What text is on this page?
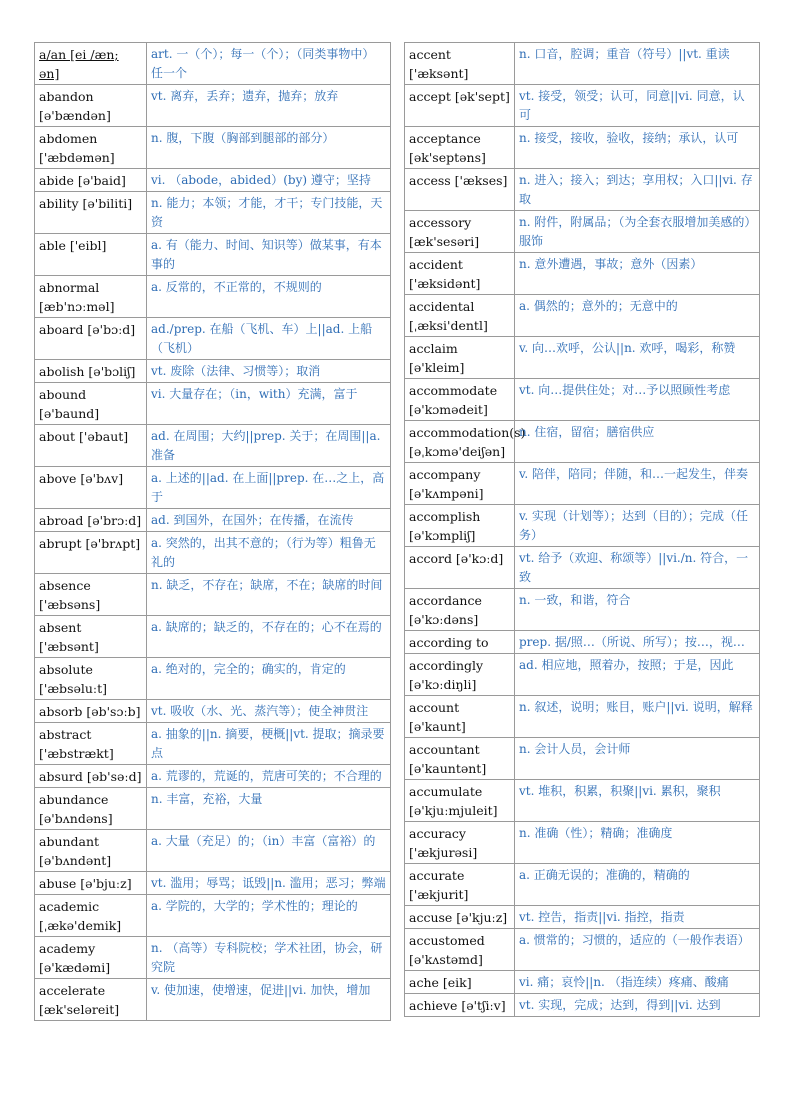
a/an [ei /æn; ən]	art. 一（个）；每一（个）；（同类事物中）任一个
abandon [ə'bændən]	vt. 离弃，丢弃；遗弃，抛弃；放弃
abdomen ['æbdəmən]	n. 腹，下腹（胸部到腿部的部分）
abide [ə'baid]	vi. （abode，abided）(by) 遵守；坚持
ability [ə'biliti]	n. 能力；本领；才能，才干；专门技能，天资
able ['eibl]	a. 有（能力、时间、知识等）做某事，有本事的
abnormal [æb'nɔːməl]	a. 反常的，不正常的，不规则的
aboard [ə'bɔːd]	ad./prep. 在船（飞机、车）上||ad. 上船（飞机）
abolish [ə'bɔliʃ]	vt. 废除（法律、习惯等）；取消
abound [ə'baund]	vi. 大量存在；（in，with）充满，富于
about ['əbaut]	ad. 在周围；大约||prep. 关于；在周围||a. 准备
above [ə'bʌv]	a. 上述的||ad. 在上面||prep. 在…之上，高于
abroad [ə'brɔːd]	ad. 到国外，在国外；在传播，在流传
abrupt [ə'brʌpt]	a. 突然的，出其不意的；（行为等）粗鲁无礼的
absence ['æbsəns]	n. 缺乏，不存在；缺席，不在；缺席的时间
absent ['æbsənt]	a. 缺席的；缺乏的，不存在的；心不在焉的
absolute ['æbsəluːt]	a. 绝对的，完全的；确实的，肯定的
absorb [əb'sɔːb]	vt. 吸收（水、光、蒸汽等）；使全神贯注
abstract ['æbstrækt]	a. 抽象的||n. 摘要，梗概||vt. 提取；摘录要点
absurd [əb'səːd]	a. 荒谬的，荒诞的，荒唐可笑的；不合理的
abundance [ə'bʌndəns]	n. 丰富，充裕，大量
abundant [ə'bʌndənt]	a. 大量（充足）的；（in）丰富（富裕）的
abuse [ə'bjuːz]	vt. 滥用；辱骂；诋毁||n. 滥用；恶习；弊端
academic [ˌækə'demik]	a. 学院的，大学的；学术性的；理论的
academy [ə'kædəmi]	n. （高等）专科院校；学术社团，协会，研究院
accelerate [æk'seləreit]	v. 使加速，使增速，促进||vi. 加快，增加
accent ['æksənt]	n. 口音，腔调；重音（符号）||vt. 重读
accept [ək'sept]	vt. 接受，领受；认可，同意||vi. 同意，认可
acceptance [ək'septəns]	n. 接受，接收，验收，接纳；承认，认可
access ['ækses]	n. 进入；接入；到达；享用权；入口||vi. 存取
accessory [æk'sesəri]	n. 附件，附属品；（为全套衣服增加美感的）服饰
accident ['æksidənt]	n. 意外遭遇，事故；意外（因素）
accidental [ˌæksi'dentl]	a. 偶然的；意外的；无意中的
acclaim [ə'kleim]	v. 向…欢呼，公认||n. 欢呼，喝彩，称赞
accommodate [ə'kɔmədeit]	vt. 向…提供住处；对…予以照顾性考虑
accommodation(s) [əˌkɔmə'deiʃən]	n. 住宿，留宿；膳宿供应
accompany [ə'kʌmpəni]	v. 陪伴，陪同；伴随，和…一起发生，伴奏
accomplish [ə'kɔmpliʃ]	v. 实现（计划等）；达到（目的）；完成（任务）
accord [ə'kɔːd]	vt. 给予（欢迎、称颂等）||vi./n. 符合，一致
accordance [ə'kɔːdəns]	n. 一致，和谐，符合
according to	prep. 据/照…（所说、所写）；按…，视…
accordingly [ə'kɔːdiŋli]	ad. 相应地，照着办，按照；于是，因此
account [ə'kaunt]	n. 叙述，说明；账目，账户||vi. 说明，解释
accountant [ə'kauntənt]	n. 会计人员，会计师
accumulate [ə'kjuːmjuleit]	vt. 堆积，积累，积聚||vi. 累积，聚积
accuracy ['ækjurəsi]	n. 准确（性）；精确；准确度
accurate ['ækjurit]	a. 正确无误的；准确的，精确的
accuse [ə'kjuːz]	vt. 控告，指责||vi. 指控，指责
accustomed [ə'kʌstəmd]	a. 惯常的；习惯的，适应的（一般作表语）
ache [eik]	vi. 痛；哀怜||n. （指连续）疼痛、酸痛
achieve [ə'tʃiːv]	vt. 实现，完成；达到，得到||vi. 达到
